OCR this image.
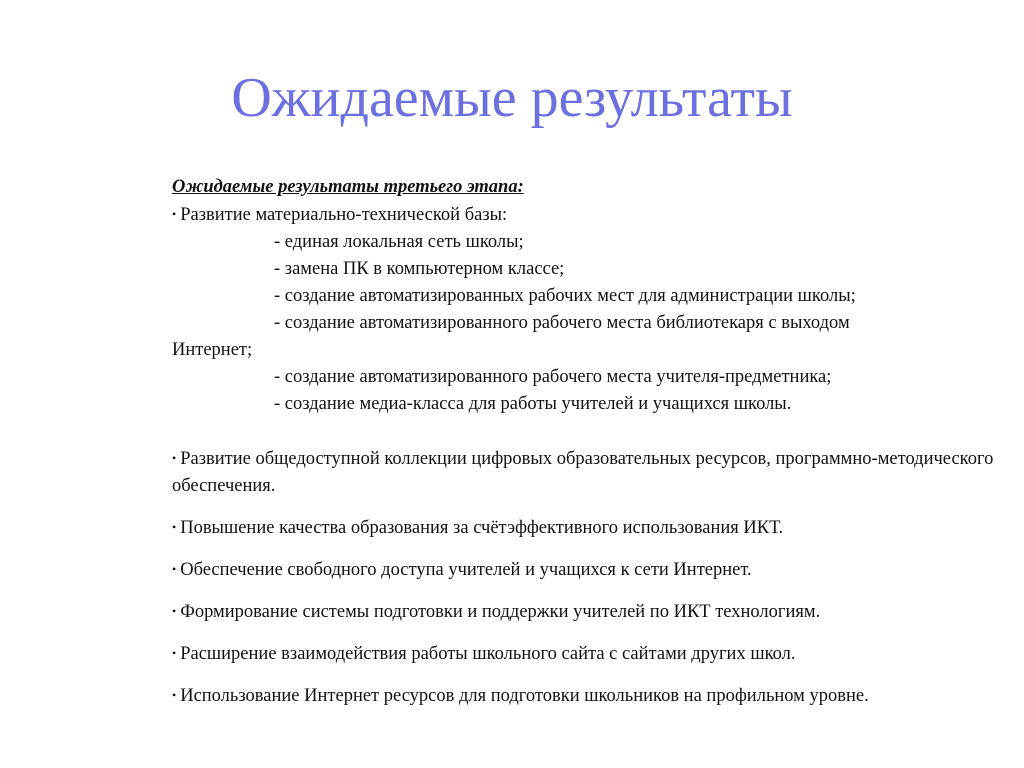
Ожидаемые результаты

Ожидаемые результаты третьего этапа:

• Развитие материально-технической базы:

- единая локальная сеть школы;

- замена ПК в компьютерном классе;

- создание автоматизированных рабочих мест для администрации школы;

- создание автоматизированного рабочего места библиотекаря с выходом

Интернет;

- создание автоматизированного рабочего места учителя-предметника;

- создание медиа-класса для работы учителей и учащихся школы.

• Развитие общедоступной коллекции цифровых образовательных ресурсов, программно-методического обеспечения.

• Повышение качества образования за счётэффективного использования ИКТ.

• Обеспечение свободного доступа учителей и учащихся к сети Интернет.

• Формирование системы подготовки и поддержки учителей по ИКТ технологиям.

• Расширение взаимодействия работы школьного сайта с сайтами других школ.

• Использование Интернет ресурсов для подготовки школьников на профильном уровне.
